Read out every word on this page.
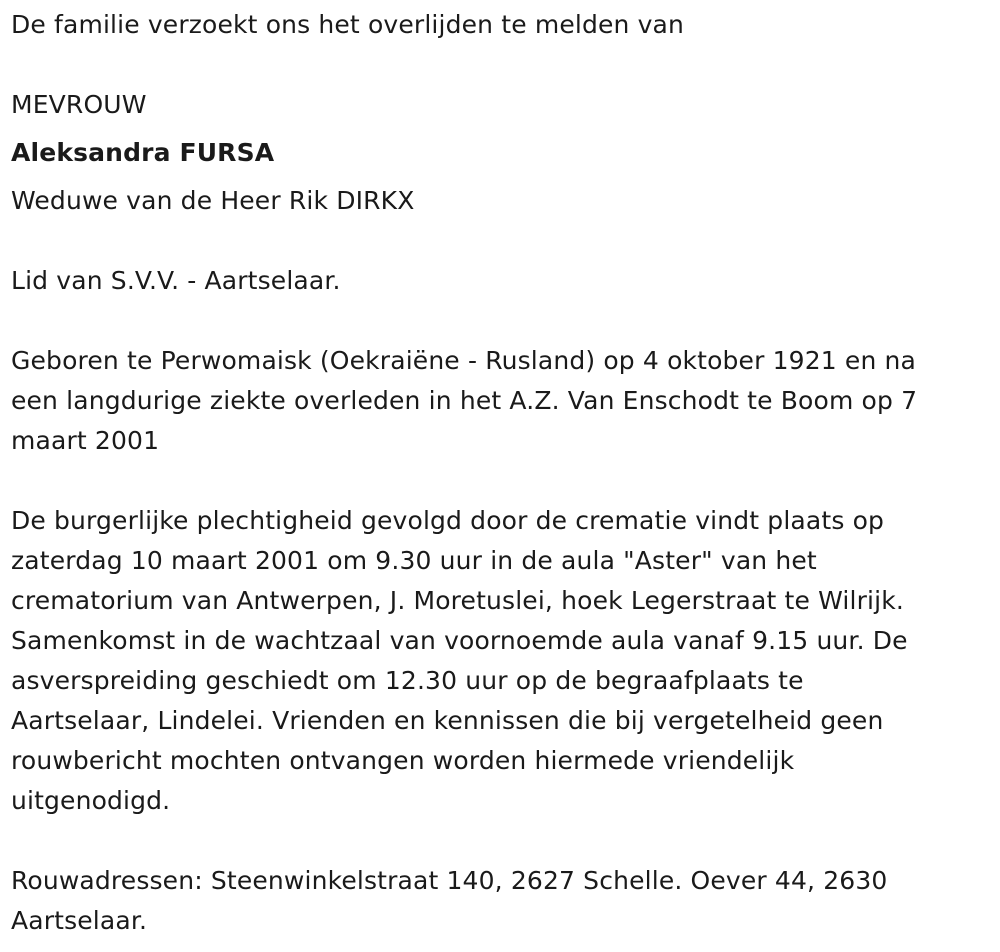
De familie verzoekt ons het overlijden te melden van
MEVROUW
Aleksandra FURSA
Weduwe van de Heer Rik DIRKX
Lid van S.V.V. - Aartselaar.
Geboren te Perwomaisk (Oekraiëne - Rusland) op 4 oktober 1921 en na
een langdurige ziekte overleden in het A.Z. Van Enschodt te Boom op 7
maart 2001
De burgerlijke plechtigheid gevolgd door de crematie vindt plaats op
zaterdag 10 maart 2001 om 9.30 uur in de aula "Aster" van het
crematorium van Antwerpen, J. Moretuslei, hoek Legerstraat te Wilrijk.
Samenkomst in de wachtzaal van voornoemde aula vanaf 9.15 uur. De
asverspreiding geschiedt om 12.30 uur op de begraafplaats te
Aartselaar, Lindelei. Vrienden en kennissen die bij vergetelheid geen
rouwbericht mochten ontvangen worden hiermede vriendelijk
uitgenodigd.
Rouwadressen: Steenwinkelstraat 140, 2627 Schelle. Oever 44, 2630
Aartselaar.
